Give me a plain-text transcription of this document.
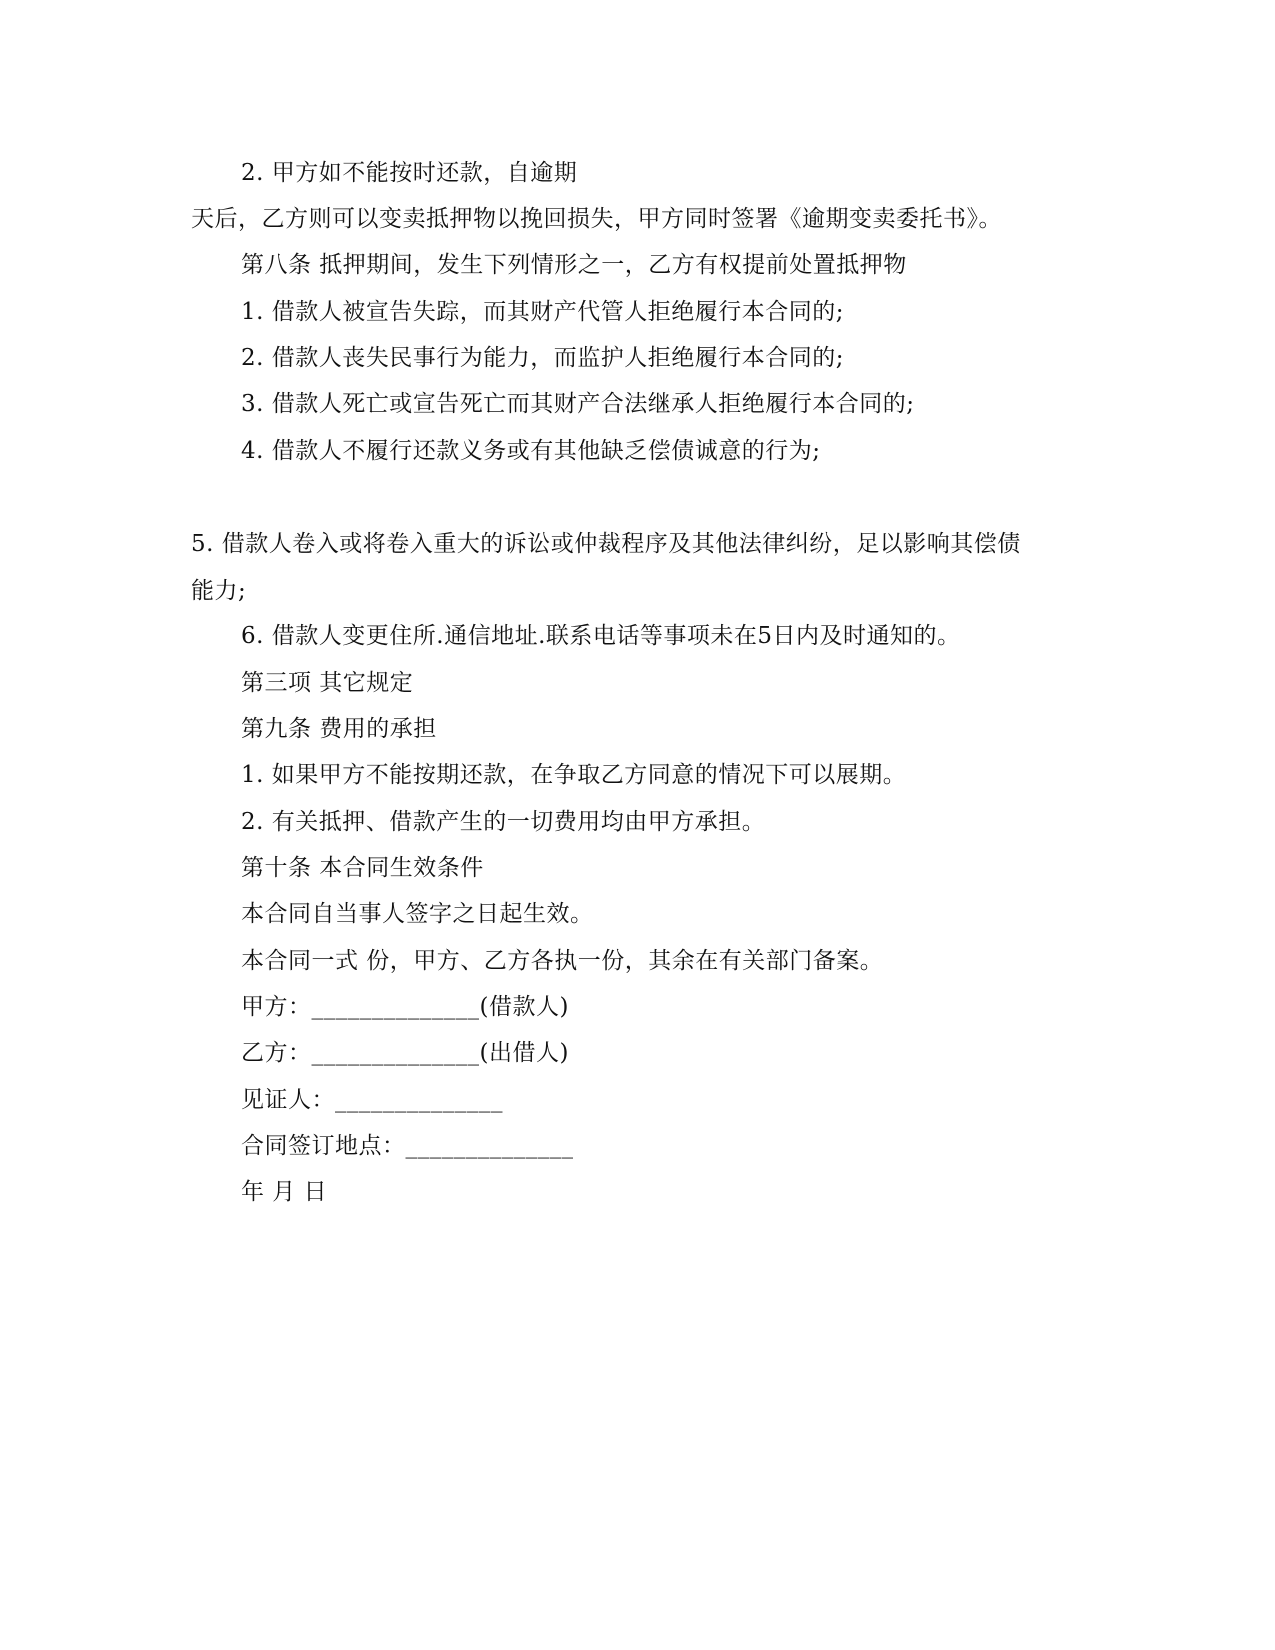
2. 甲方如不能按时还款，自逾期
天后，乙方则可以变卖抵押物以挽回损失，甲方同时签署《逾期变卖委托书》。
第八条 抵押期间，发生下列情形之一，乙方有权提前处置抵押物
1. 借款人被宣告失踪，而其财产代管人拒绝履行本合同的;
2. 借款人丧失民事行为能力，而监护人拒绝履行本合同的;
3. 借款人死亡或宣告死亡而其财产合法继承人拒绝履行本合同的;
4. 借款人不履行还款义务或有其他缺乏偿债诚意的行为;
5. 借款人卷入或将卷入重大的诉讼或仲裁程序及其他法律纠纷，足以影响其偿债
能力;
6. 借款人变更住所.通信地址.联系电话等事项未在5日内及时通知的。
第三项 其它规定
第九条 费用的承担
1. 如果甲方不能按期还款，在争取乙方同意的情况下可以展期。
2. 有关抵押、借款产生的一切费用均由甲方承担。
第十条 本合同生效条件
本合同自当事人签字之日起生效。
本合同一式 份，甲方、乙方各执一份，其余在有关部门备案。
甲方：______________(借款人)
乙方：______________(出借人)
见证人：______________
合同签订地点：______________
年 月 日
